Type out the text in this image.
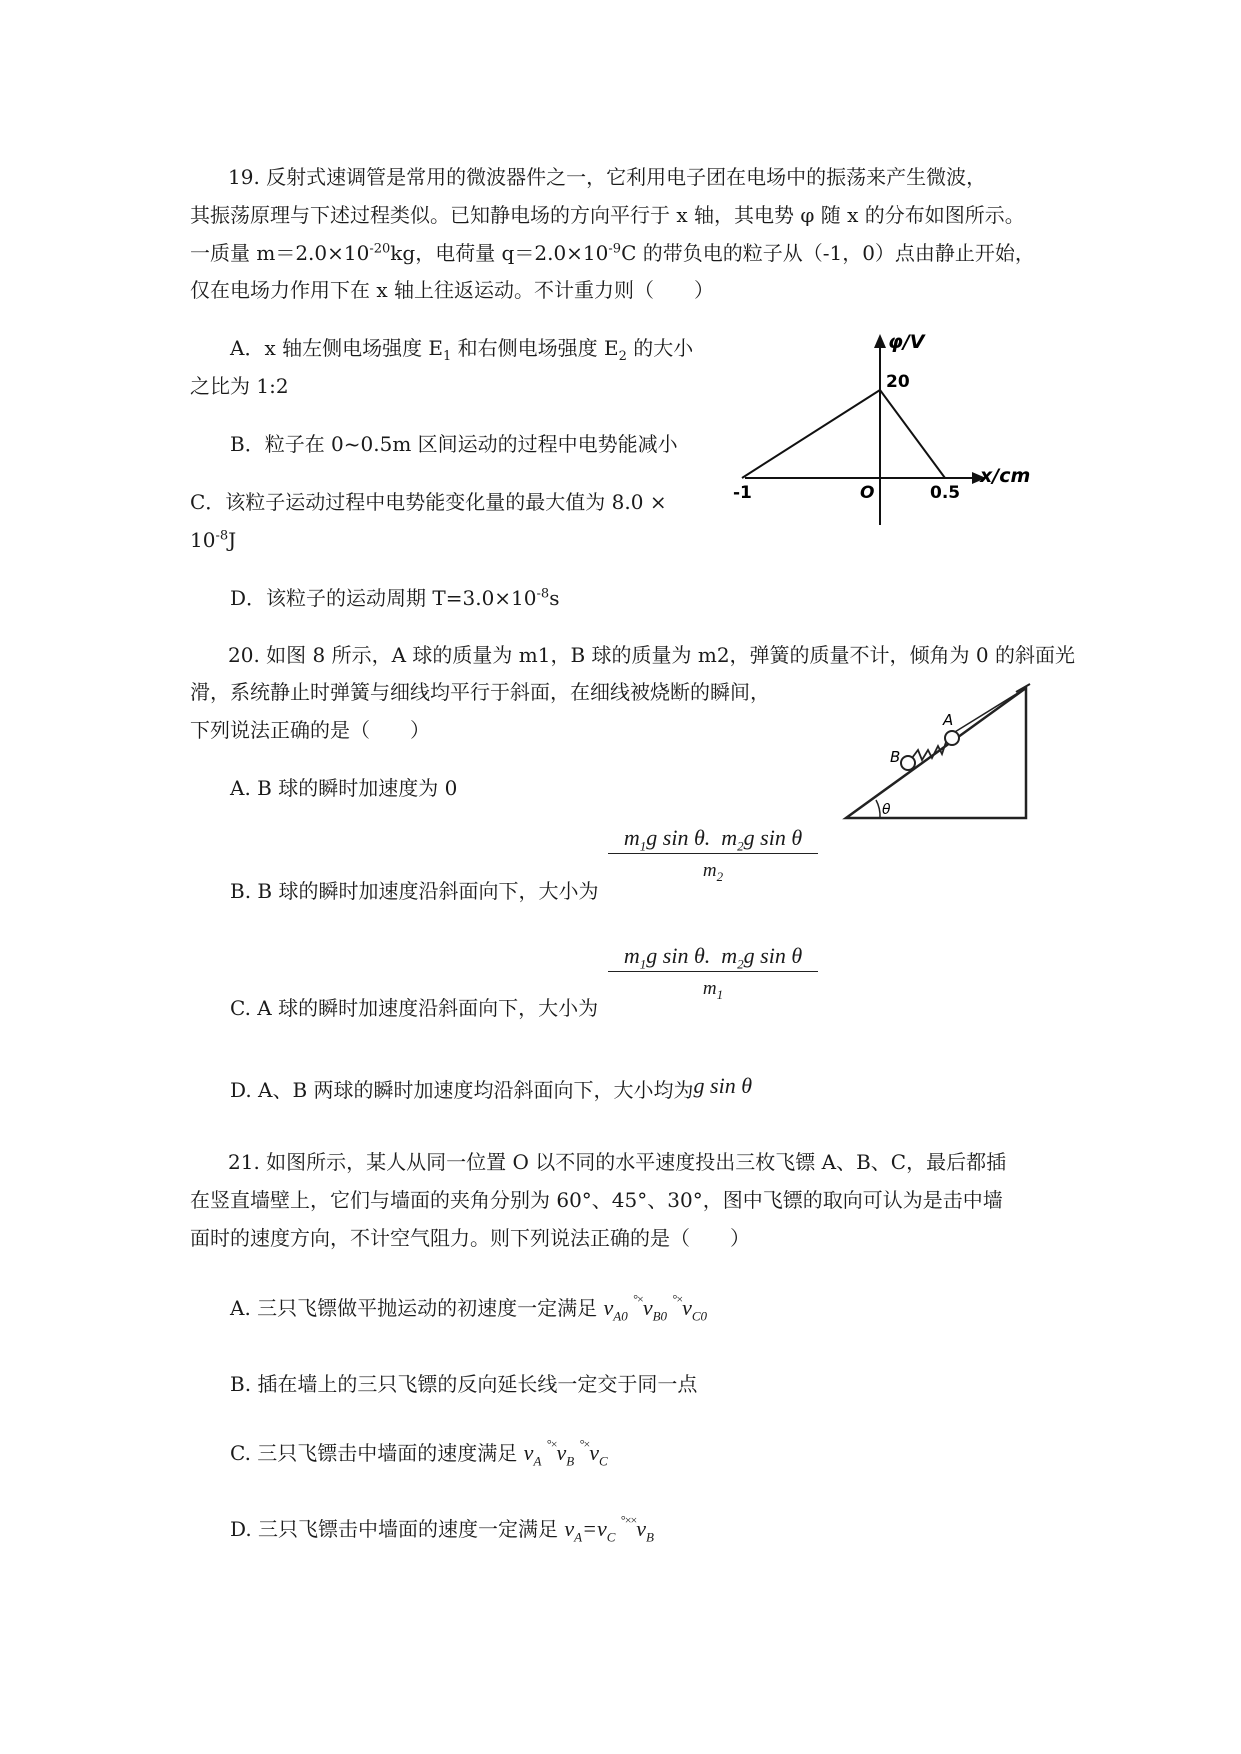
19. 反射式速调管是常用的微波器件之一，它利用电子团在电场中的振荡来产生微波，
其振荡原理与下述过程类似。已知静电场的方向平行于 x 轴，其电势 φ 随 x 的分布如图所示。
一质量 $m=2.0\times 10^{-20}kg$，电荷量 $q=2.0\times 10^{-9}C$ 的带负电的粒子从（-1，0）点由静止开始，
仅在电场力作用下在 x 轴上往返运动。不计重力则（　　）
A．x 轴左侧电场强度 $E_1$ 和右侧电场强度 $E_2$ 的大小
之比为 1:2
B．粒子在 0~0.5m 区间运动的过程中电势能减小
C．该粒子运动过程中电势能变化量的最大值为 8.0 ×
$10^{-8}J$
D．该粒子的运动周期 $T=3.0\times 10^{-8}s$
φ/V
20
O
-1	0.5
x/cm
20. 如图 8 所示，A 球的质量为 m1，B 球的质量为 m2，弹簧的质量不计，倾角为 0 的斜面光
滑，系统静止时弹簧与细线均平行于斜面，在细线被烧断的瞬间，
下列说法正确的是（　　）
A. B 球的瞬时加速度为 0
A
B
θ
$\frac{m_1g \sin \theta. m_2g \sin \theta}{m_2}$
B. B 球的瞬时加速度沿斜面向下，大小为
$\frac{m_1g \sin \theta. m_2g \sin \theta}{m_1}$
C. A 球的瞬时加速度沿斜面向下，大小为
D. A、B 两球的瞬时加速度均沿斜面向下，大小均为g sin θ
21. 如图所示，某人从同一位置 O 以不同的水平速度投出三枚飞镖 A、B、C，最后都插
在竖直墙壁上，它们与墙面的夹角分别为 60°、45°、30°，图中飞镖的取向可认为是击中墙
面时的速度方向，不计空气阻力。则下列说法正确的是（　　）
A. 三只飞镖做平抛运动的初速度一定满足 $v_{A0}$ $^{^\circ\times}v_{B0}$ $^{^\circ\times}v_{C0}$
B. 插在墙上的三只飞镖的反向延长线一定交于同一点
C. 三只飞镖击中墙面的速度满足 $v_A$ $^{^\circ\times}v_B$ $^{^\circ\times}v_C$
D. 三只飞镖击中墙面的速度一定满足 $v_A=v_C$ $^{^\circ\times\times}v_B$
